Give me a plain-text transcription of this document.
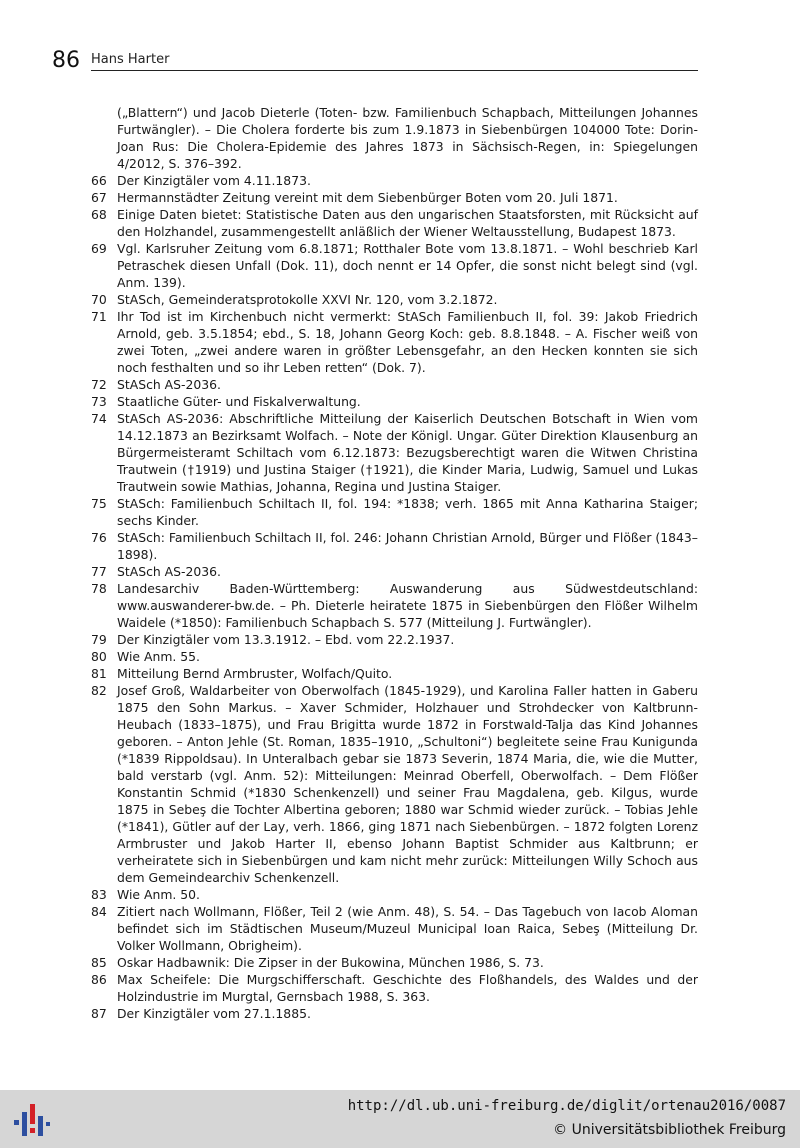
86 Hans Harter
(„Blattern“) und Jacob Dieterle (Toten- bzw. Familienbuch Schapbach, Mitteilungen Johannes Furtwängler). – Die Cholera forderte bis zum 1.9.1873 in Siebenbürgen 104000 Tote: Dorin-Joan Rus: Die Cholera-Epidemie des Jahres 1873 in Sächsisch-Regen, in: Spiegelungen 4/2012, S. 376–392.
66 Der Kinzigtäler vom 4.11.1873.
67 Hermannstädter Zeitung vereint mit dem Siebenbürger Boten vom 20. Juli 1871.
68 Einige Daten bietet: Statistische Daten aus den ungarischen Staatsforsten, mit Rücksicht auf den Holzhandel, zusammengestellt anläßlich der Wiener Weltausstellung, Budapest 1873.
69 Vgl. Karlsruher Zeitung vom 6.8.1871; Rotthaler Bote vom 13.8.1871. – Wohl beschrieb Karl Petraschek diesen Unfall (Dok. 11), doch nennt er 14 Opfer, die sonst nicht belegt sind (vgl. Anm. 139).
70 StASch, Gemeinderatsprotokolle XXVI Nr. 120, vom 3.2.1872.
71 Ihr Tod ist im Kirchenbuch nicht vermerkt: StASch Familienbuch II, fol. 39: Jakob Friedrich Arnold, geb. 3.5.1854; ebd., S. 18, Johann Georg Koch: geb. 8.8.1848. – A. Fischer weiß von zwei Toten, „zwei andere waren in größter Lebensgefahr, an den Hecken konnten sie sich noch festhalten und so ihr Leben retten“ (Dok. 7).
72 StASch AS-2036.
73 Staatliche Güter- und Fiskalverwaltung.
74 StASch AS-2036: Abschriftliche Mitteilung der Kaiserlich Deutschen Botschaft in Wien vom 14.12.1873 an Bezirksamt Wolfach. – Note der Königl. Ungar. Güter Direktion Klausenburg an Bürgermeisteramt Schiltach vom 6.12.1873: Bezugsberechtigt waren die Witwen Christina Trautwein (†1919) und Justina Staiger (†1921), die Kinder Maria, Ludwig, Samuel und Lukas Trautwein sowie Mathias, Johanna, Regina und Justina Staiger.
75 StASch: Familienbuch Schiltach II, fol. 194: *1838; verh. 1865 mit Anna Katharina Staiger; sechs Kinder.
76 StASch: Familienbuch Schiltach II, fol. 246: Johann Christian Arnold, Bürger und Flößer (1843–1898).
77 StASch AS-2036.
78 Landesarchiv Baden-Württemberg: Auswanderung aus Südwestdeutschland: www.auswanderer-bw.de. – Ph. Dieterle heiratete 1875 in Siebenbürgen den Flößer Wilhelm Waidele (*1850): Familienbuch Schapbach S. 577 (Mitteilung J. Furtwängler).
79 Der Kinzigtäler vom 13.3.1912. – Ebd. vom 22.2.1937.
80 Wie Anm. 55.
81 Mitteilung Bernd Armbruster, Wolfach/Quito.
82 Josef Groß, Waldarbeiter von Oberwolfach (1845-1929), und Karolina Faller hatten in Gaberu 1875 den Sohn Markus. – Xaver Schmider, Holzhauer und Strohdecker von Kaltbrunn-Heubach (1833–1875), und Frau Brigitta wurde 1872 in Forstwald-Talja das Kind Johannes geboren. – Anton Jehle (St. Roman, 1835–1910, „Schultoni“) begleitete seine Frau Kunigunda (*1839 Rippoldsau). In Unteralbach gebar sie 1873 Severin, 1874 Maria, die, wie die Mutter, bald verstarb (vgl. Anm. 52): Mitteilungen: Meinrad Oberfell, Oberwolfach. – Dem Flößer Konstantin Schmid (*1830 Schenkenzell) und seiner Frau Magdalena, geb. Kilgus, wurde 1875 in Sebeş die Tochter Albertina geboren; 1880 war Schmid wieder zurück. – Tobias Jehle (*1841), Gütler auf der Lay, verh. 1866, ging 1871 nach Siebenbürgen. – 1872 folgten Lorenz Armbruster und Jakob Harter II, ebenso Johann Baptist Schmider aus Kaltbrunn; er verheiratete sich in Siebenbürgen und kam nicht mehr zurück: Mitteilungen Willy Schoch aus dem Gemeindearchiv Schenkenzell.
83 Wie Anm. 50.
84 Zitiert nach Wollmann, Flößer, Teil 2 (wie Anm. 48), S. 54. – Das Tagebuch von Iacob Aloman befindet sich im Städtischen Museum/Muzeul Municipal Ioan Raica, Sebeş (Mitteilung Dr. Volker Wollmann, Obrigheim).
85 Oskar Hadbawnik: Die Zipser in der Bukowina, München 1986, S. 73.
86 Max Scheifele: Die Murgschifferschaft. Geschichte des Floßhandels, des Waldes und der Holzindustrie im Murgtal, Gernsbach 1988, S. 363.
87 Der Kinzigtäler vom 27.1.1885.
http://dl.ub.uni-freiburg.de/diglit/ortenau2016/0087
© Universitätsbibliothek Freiburg
